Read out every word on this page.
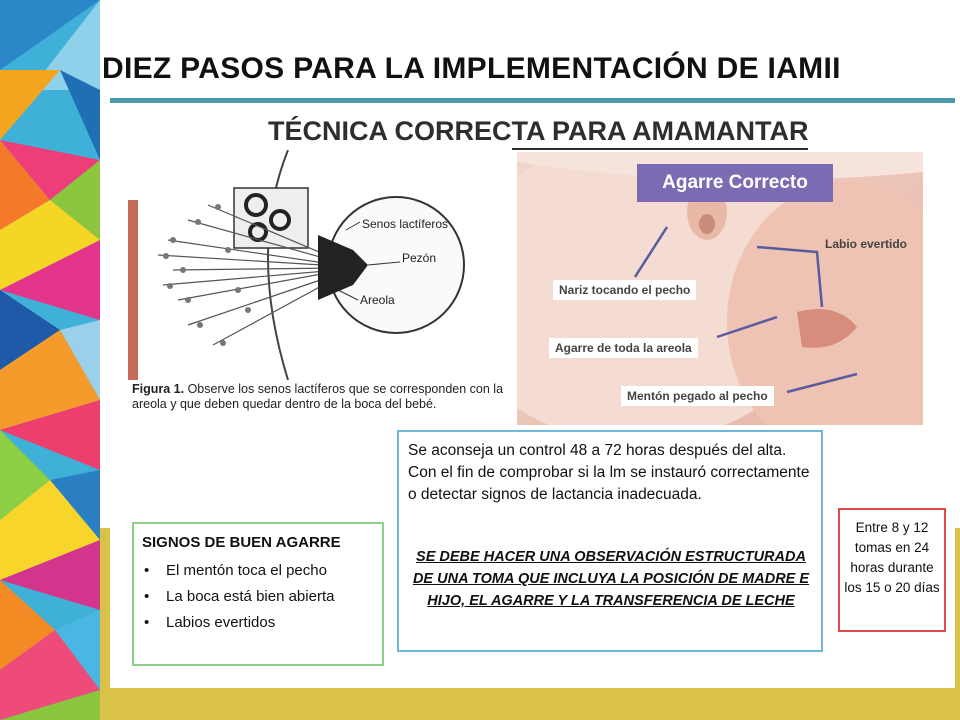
DIEZ PASOS PARA LA IMPLEMENTACIÓN DE IAMII
TÉCNICA CORRECTA PARA AMAMANTAR
Senos lactíferos
Pezón
Areola
Figura 1. Observe los senos lactíferos que se corresponden con la areola y que deben quedar dentro de la boca del bebé.
Agarre Correcto
Nariz tocando el pecho
Agarre de toda la areola
Mentón pegado al pecho
Labio evertido
Se aconseja un control 48 a 72 horas después del alta. Con el fin de comprobar si la lm se instauró correctamente o detectar signos de lactancia inadecuada.
SE DEBE HACER UNA OBSERVACIÓN ESTRUCTURADA DE UNA TOMA QUE INCLUYA LA POSICIÓN DE MADRE E HIJO, EL AGARRE Y LA TRANSFERENCIA DE LECHE
SIGNOS DE BUEN AGARRE
• El mentón toca el pecho
• La boca está bien abierta
• Labios evertidos
Entre 8 y 12 tomas en 24 horas durante los 15 o 20 días
